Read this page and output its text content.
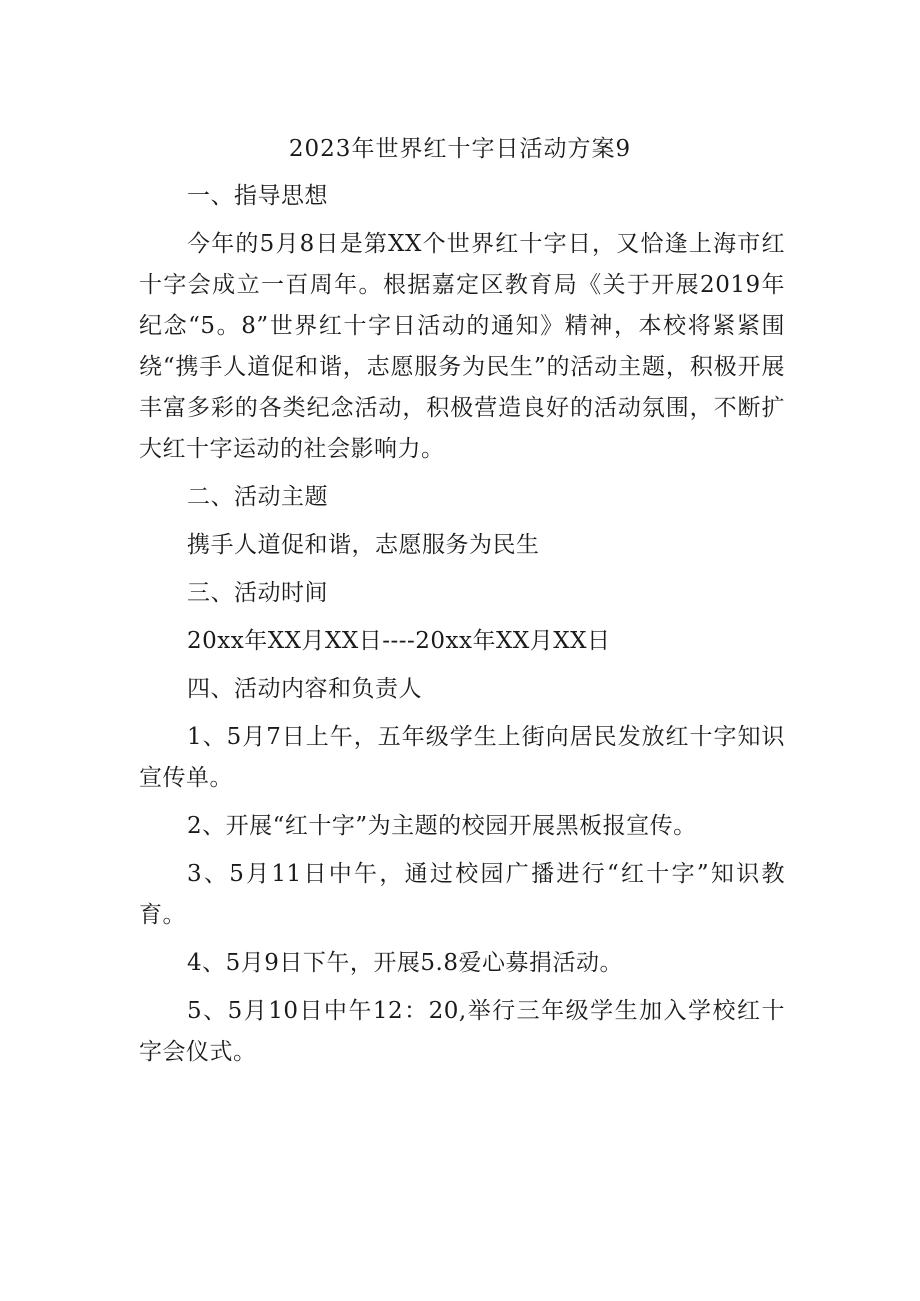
2023年世界红十字日活动方案9

一、指导思想

今年的5月8日是第XX个世界红十字日，又恰逢上海市红十字会成立一百周年。根据嘉定区教育局《关于开展2019年纪念“5。8”世界红十字日活动的通知》精神，本校将紧紧围绕“携手人道促和谐，志愿服务为民生”的活动主题，积极开展丰富多彩的各类纪念活动，积极营造良好的活动氛围，不断扩大红十字运动的社会影响力。

二、活动主题

携手人道促和谐，志愿服务为民生

三、活动时间

20xx年XX月XX日----20xx年XX月XX日

四、活动内容和负责人

1、5月7日上午，五年级学生上街向居民发放红十字知识宣传单。

2、开展“红十字”为主题的校园开展黑板报宣传。

3、5月11日中午，通过校园广播进行“红十字”知识教育。

4、5月9日下午，开展5.8爱心募捐活动。

5、5月10日中午12：20,举行三年级学生加入学校红十字会仪式。
